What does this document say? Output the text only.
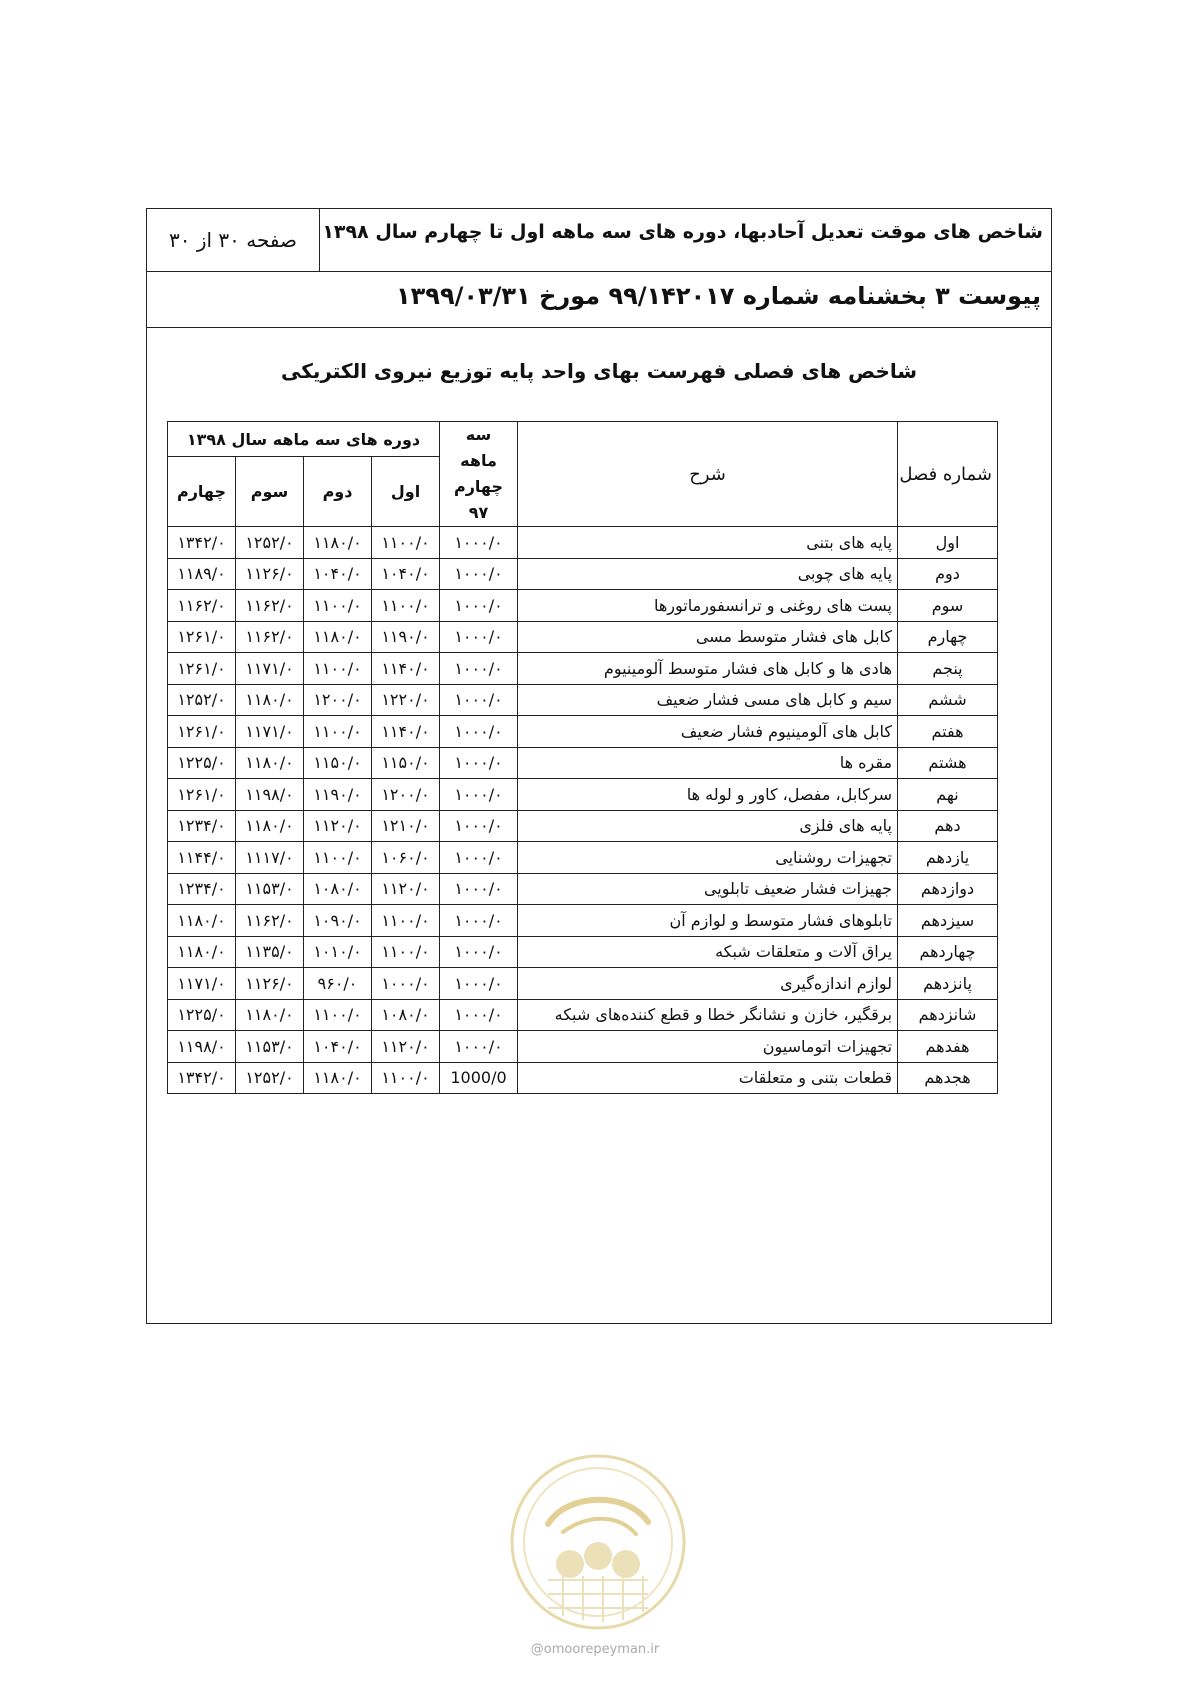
شاخص های موقت تعدیل آحادبها، دوره های سه ماهه اول تا چهارم سال ۱۳۹۸
صفحه ۳۰ از ۳۰
پیوست ۳ بخشنامه شماره ۹۹/۱۴۲۰۱۷ مورخ ۱۳۹۹/۰۳/۳۱
شاخص های فصلی فهرست بهای واحد پایه توزیع نیروی الکتریکی
شماره فصل	شرح	سه ماهه چهارم ۹۷	دوره های سه ماهه سال ۱۳۹۸			
			اول	دوم	سوم	چهارم
اول	پایه های بتنی	۱۰۰۰/۰	۱۱۰۰/۰	۱۱۸۰/۰	۱۲۵۲/۰	۱۳۴۲/۰
دوم	پایه های چوبی	۱۰۰۰/۰	۱۰۴۰/۰	۱۰۴۰/۰	۱۱۲۶/۰	۱۱۸۹/۰
سوم	پست های روغنی و ترانسفورماتورها	۱۰۰۰/۰	۱۱۰۰/۰	۱۱۰۰/۰	۱۱۶۲/۰	۱۱۶۲/۰
چهارم	کابل های فشار متوسط مسی	۱۰۰۰/۰	۱۱۹۰/۰	۱۱۸۰/۰	۱۱۶۲/۰	۱۲۶۱/۰
پنجم	هادی ها و کابل های فشار متوسط آلومینیوم	۱۰۰۰/۰	۱۱۴۰/۰	۱۱۰۰/۰	۱۱۷۱/۰	۱۲۶۱/۰
ششم	سیم و کابل های مسی فشار ضعیف	۱۰۰۰/۰	۱۲۲۰/۰	۱۲۰۰/۰	۱۱۸۰/۰	۱۲۵۲/۰
هفتم	کابل های آلومینیوم فشار ضعیف	۱۰۰۰/۰	۱۱۴۰/۰	۱۱۰۰/۰	۱۱۷۱/۰	۱۲۶۱/۰
هشتم	مقره ها	۱۰۰۰/۰	۱۱۵۰/۰	۱۱۵۰/۰	۱۱۸۰/۰	۱۲۲۵/۰
نهم	سرکابل، مفصل، کاور و لوله ها	۱۰۰۰/۰	۱۲۰۰/۰	۱۱۹۰/۰	۱۱۹۸/۰	۱۲۶۱/۰
دهم	پایه های فلزی	۱۰۰۰/۰	۱۲۱۰/۰	۱۱۲۰/۰	۱۱۸۰/۰	۱۲۳۴/۰
یازدهم	تجهیزات روشنایی	۱۰۰۰/۰	۱۰۶۰/۰	۱۱۰۰/۰	۱۱۱۷/۰	۱۱۴۴/۰
دوازدهم	جهیزات فشار ضعیف تابلویی	۱۰۰۰/۰	۱۱۲۰/۰	۱۰۸۰/۰	۱۱۵۳/۰	۱۲۳۴/۰
سیزدهم	تابلوهای فشار متوسط و لوازم آن	۱۰۰۰/۰	۱۱۰۰/۰	۱۰۹۰/۰	۱۱۶۲/۰	۱۱۸۰/۰
چهاردهم	یراق آلات و متعلقات شبکه	۱۰۰۰/۰	۱۱۰۰/۰	۱۰۱۰/۰	۱۱۳۵/۰	۱۱۸۰/۰
پانزدهم	لوازم اندازه‌گیری	۱۰۰۰/۰	۱۰۰۰/۰	۹۶۰/۰	۱۱۲۶/۰	۱۱۷۱/۰
شانزدهم	برقگیر، خازن و نشانگر خطا و قطع کننده‌های شبکه	۱۰۰۰/۰	۱۰۸۰/۰	۱۱۰۰/۰	۱۱۸۰/۰	۱۲۲۵/۰
هفدهم	تجهیزات اتوماسیون	۱۰۰۰/۰	۱۱۲۰/۰	۱۰۴۰/۰	۱۱۵۳/۰	۱۱۹۸/۰
هجدهم	قطعات بتنی و متعلقات	1000/0	۱۱۰۰/۰	۱۱۸۰/۰	۱۲۵۲/۰	۱۳۴۲/۰
@omoorepeyman.ir
